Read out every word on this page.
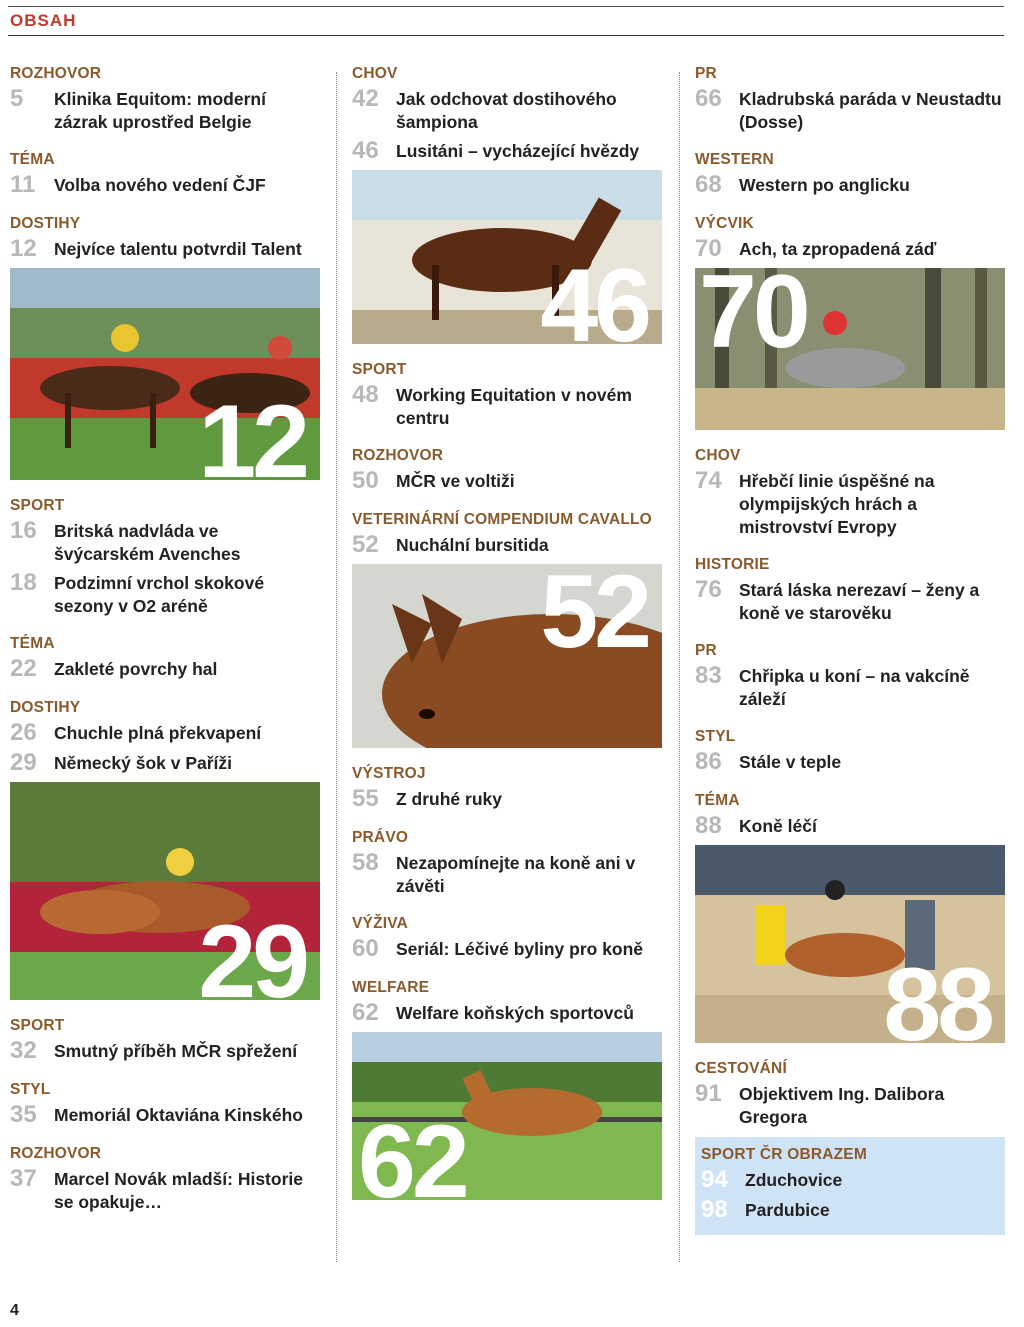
OBSAH
ROZHOVOR
5	Klinika Equitom: moderní zázrak uprostřed Belgie
TÉMA
11	Volba nového vedení ČJF
DOSTIHY
12 Nejvíce talentu potvrdil Talent
12
SPORT
16 Britská nadvláda ve švýcarském Avenches
18 Podzimní vrchol skokové sezony v O2 aréně
TÉMA
22 Zakleté povrchy hal
DOSTIHY
26 Chuchle plná překvapení
29 Německý šok v Paříži
29
SPORT
32 Smutný příběh MČR spřežení
STYL
35 Memoriál Oktaviána Kinského
ROZHOVOR
37 Marcel Novák mladší: Historie se opakuje…
CHOV
42 Jak odchovat dostihového šampiona
46 Lusitáni – vycházející hvězdy
46
SPORT
48 Working Equitation v novém centru
ROZHOVOR
50 MČR ve voltiži
VETERINÁRNÍ COMPENDIUM CAVALLO
52 Nuchální bursitida
52
VÝSTROJ
55 Z druhé ruky
PRÁVO
58 Nezapomínejte na koně ani v závěti
VÝŽIVA
60 Seriál: Léčivé byliny pro koně
WELFARE
62 Welfare koňských sportovců
62
PR
66 Kladrubská paráda v Neustadtu (Dosse)
WESTERN
68 Western po anglicku
VÝCVIK
70 Ach, ta zpropadená záď
70
CHOV
74 Hřebčí linie úspěšné na olympijských hrách a mistrovství Evropy
HISTORIE
76 Stará láska nerezaví – ženy a koně ve starověku
PR
83 Chřipka u koní – na vakcíně záleží
STYL
86 Stále v teple
TÉMA
88 Koně léčí
88
CESTOVÁNÍ
91 Objektivem Ing. Dalibora Gregora
SPORT ČR OBRAZEM
94 Zduchovice
98 Pardubice
4
